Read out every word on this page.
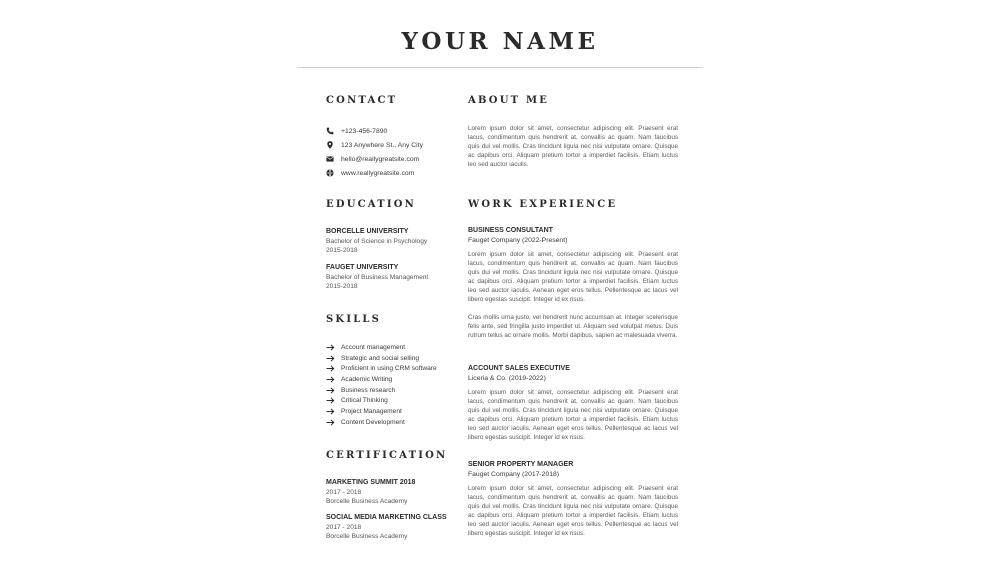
YOUR NAME
CONTACT
+123-456-7890
123 Anywhere St., Any City
hello@reallygreatsite.com
www.reallygreatsite.com
EDUCATION

BORCELLE UNIVERSITY

Bachelor of Science in Psychology

2015-2018

FAUGET UNIVERSITY

Bachelor of Business Management

2015-2018

SKILLS
Account management
Strategic and social selling
Proficient in using CRM software
Academic Writing
Business research
Critical Thinking
Project Management
Content Development
CERTIFICATION

MARKETING SUMMIT 2018

2017 - 2018

Borcelle Business Academy

SOCIAL MEDIA MARKETING CLASS

2017 - 2018

Borcelle Business Academy

ABOUT ME

Lorem ipsum dolor sit amet, consectetur adipiscing elit. Praesent erat lacus, condimentum quis hendrerit at, convallis ac quam. Nam faucibus quis dui vel mollis. Cras tincidunt ligula nec nisi vulputate ornare. Quisque ac dapibus orci. Aliquam pretium tortor a imperdiet facilisis. Etiam luctus leo sed auctor iaculis.

WORK EXPERIENCE

BUSINESS CONSULTANT

Fauget Company (2022-Present)

Lorem ipsum dolor sit amet, consectetur adipiscing elit. Praesent erat lacus, condimentum quis hendrerit at, convallis ac quam. Nam faucibus quis dui vel mollis. Cras tincidunt ligula nec nisi vulputate ornare. Quisque ac dapibus orci. Aliquam pretium tortor a imperdiet facilisis. Etiam luctus leo sed auctor iaculis. Aenean eget eros tellus. Pellentesque ac lacus vel libero egestas suscipit. Integer id ex risus.

Cras mollis urna justo, vel hendrerit nunc accumsan at. Integer scelerisque felis ante, sed fringilla justo imperdiet ut. Aliquam sed volutpat metus. Duis rutrum tellus ac ornare mollis. Morbi dapibus, sapien ac malesuada viverra.

ACCOUNT SALES EXECUTIVE

Liceria & Co. (2019-2022)

Lorem ipsum dolor sit amet, consectetur adipiscing elit. Praesent erat lacus, condimentum quis hendrerit at, convallis ac quam. Nam faucibus quis dui vel mollis. Cras tincidunt ligula nec nisi vulputate ornare. Quisque ac dapibus orci. Aliquam pretium tortor a imperdiet facilisis. Etiam luctus leo sed auctor iaculis. Aenean eget eros tellus. Pellentesque ac lacus vel libero egestas suscipit. Integer id ex risus.

SENIOR PROPERTY MANAGER

Fauget Company (2017-2018)

Lorem ipsum dolor sit amet, consectetur adipiscing elit. Praesent erat lacus, condimentum quis hendrerit at, convallis ac quam. Nam faucibus quis dui vel mollis. Cras tincidunt ligula nec nisi vulputate ornare. Quisque ac dapibus orci. Aliquam pretium tortor a imperdiet facilisis. Etiam luctus leo sed auctor iaculis. Aenean eget eros tellus. Pellentesque ac lacus vel libero egestas suscipit. Integer id ex risus.
